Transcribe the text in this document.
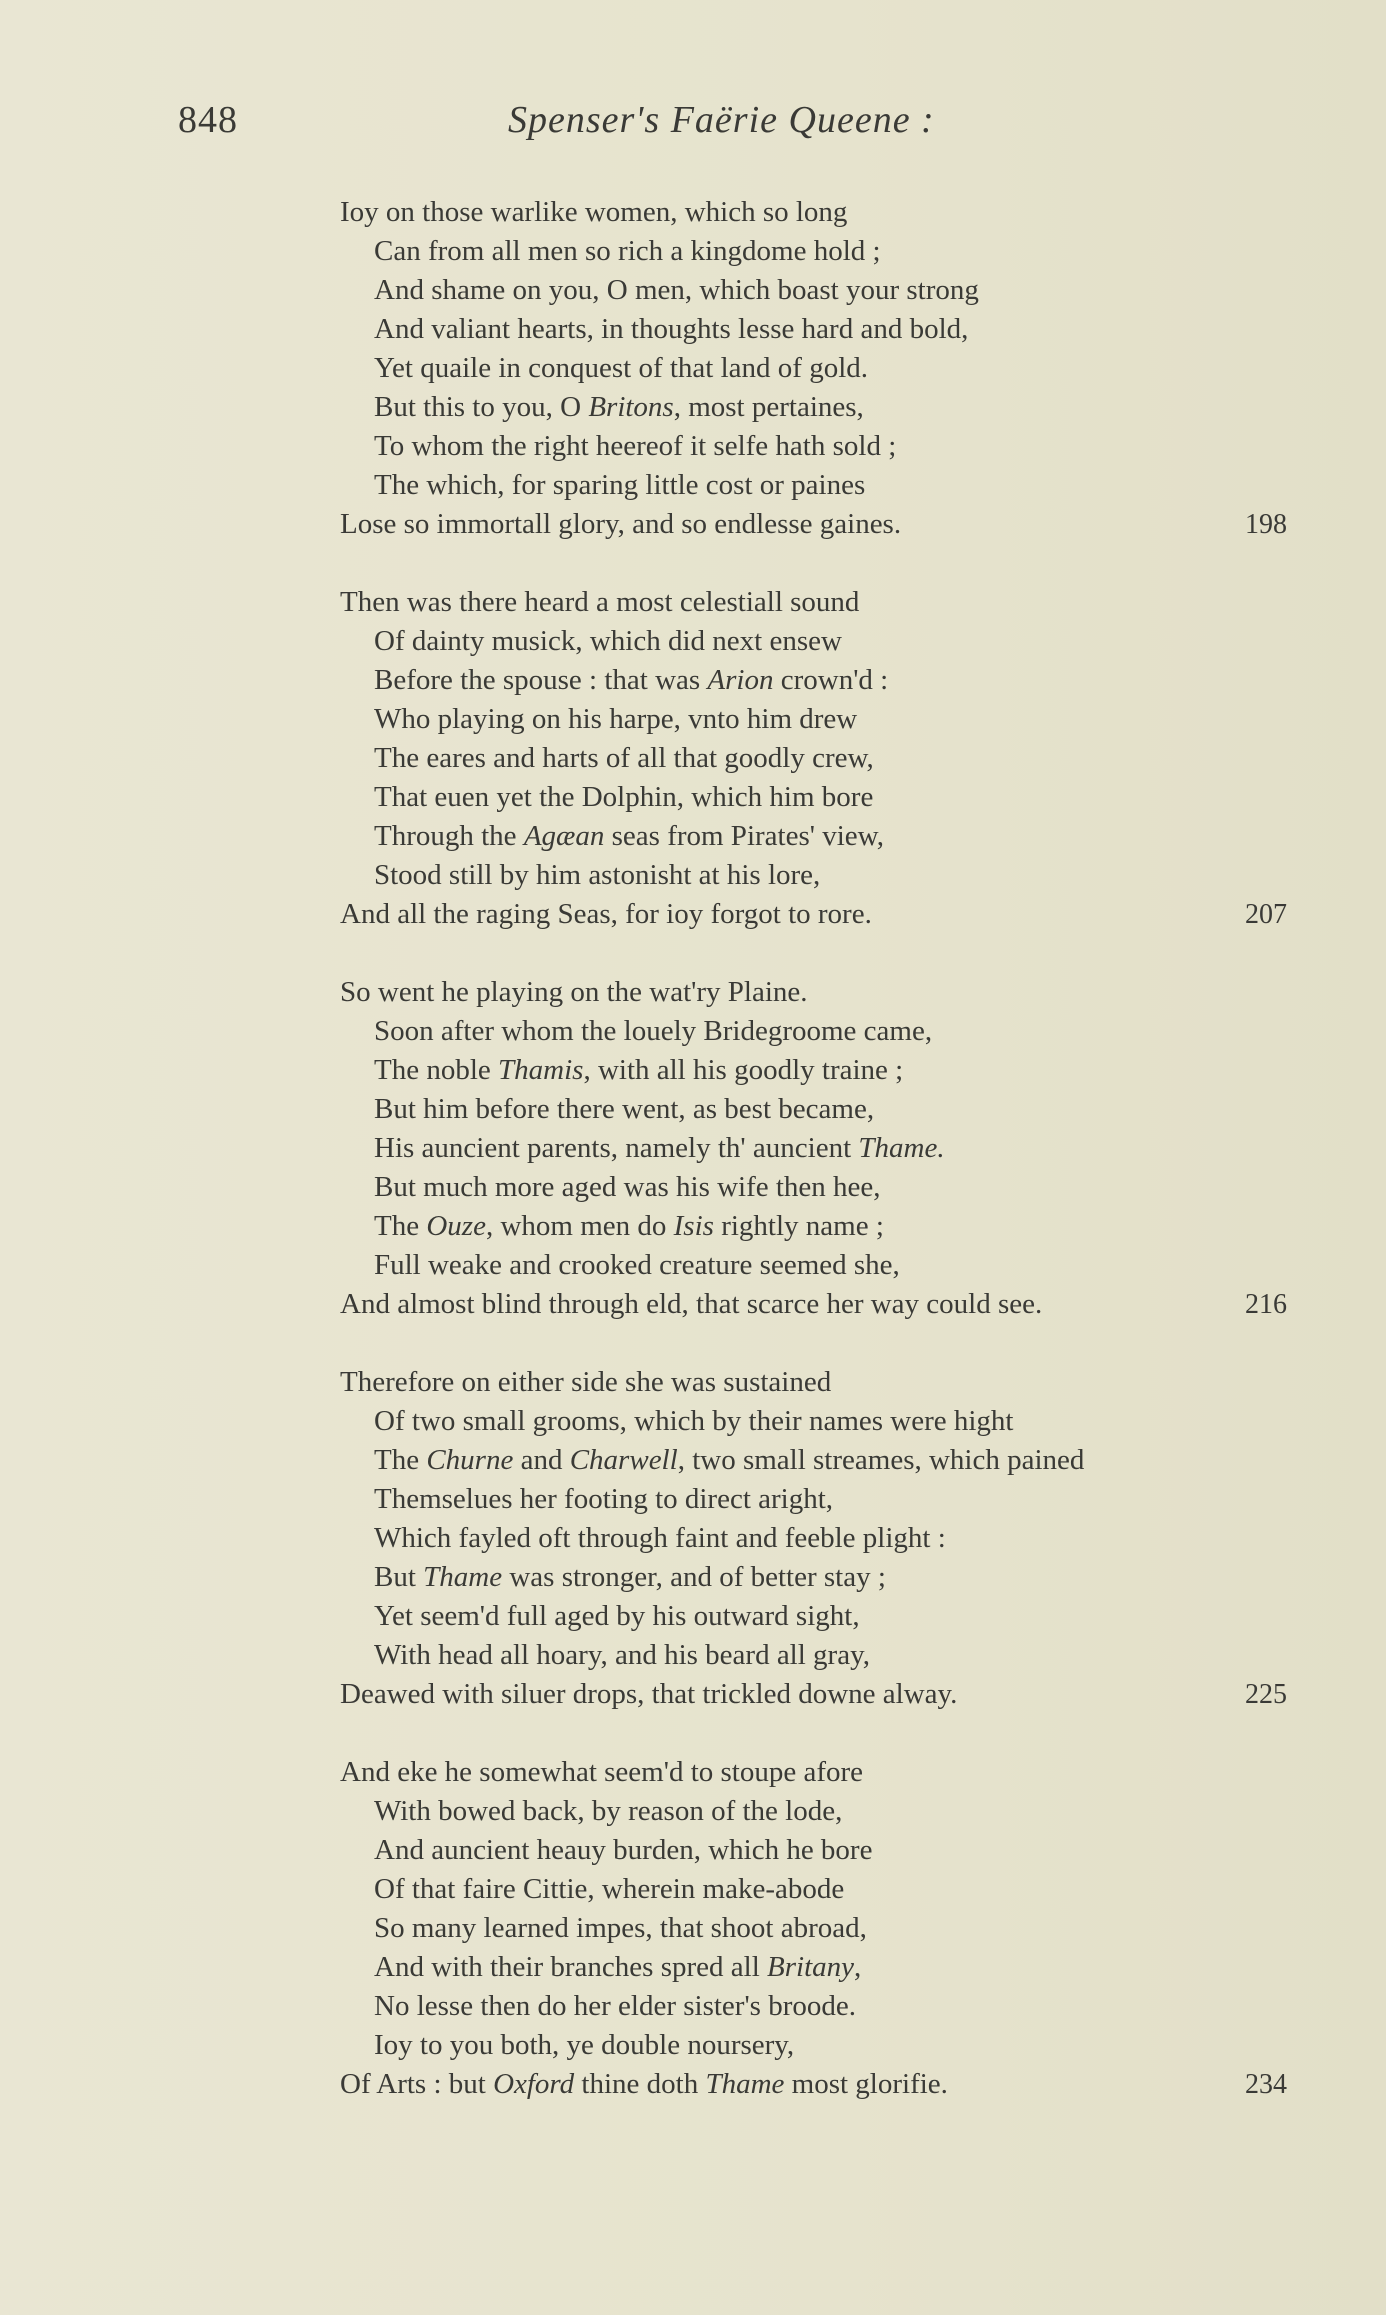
848	Spenser's Faërie Queene :
Ioy on those warlike women, which so long
Can from all men so rich a kingdome hold ;
And shame on you, O men, which boast your strong
And valiant hearts, in thoughts lesse hard and bold,
Yet quaile in conquest of that land of gold.
But this to you, O Britons, most pertaines,
To whom the right heereof it selfe hath sold ;
The which, for sparing little cost or paines
Lose so immortall glory, and so endlesse gaines.	198
Then was there heard a most celestiall sound
Of dainty musick, which did next ensew
Before the spouse : that was Arion crown'd :
Who playing on his harpe, vnto him drew
The eares and harts of all that goodly crew,
That euen yet the Dolphin, which him bore
Through the Agæan seas from Pirates' view,
Stood still by him astonisht at his lore,
And all the raging Seas, for ioy forgot to rore.	207
So went he playing on the wat'ry Plaine.
Soon after whom the louely Bridegroome came,
The noble Thamis, with all his goodly traine ;
But him before there went, as best became,
His auncient parents, namely th' auncient Thame.
But much more aged was his wife then hee,
The Ouze, whom men do Isis rightly name ;
Full weake and crooked creature seemed she,
And almost blind through eld, that scarce her way could see.	216
Therefore on either side she was sustained
Of two small grooms, which by their names were hight
The Churne and Charwell, two small streames, which pained
Themselues her footing to direct aright,
Which fayled oft through faint and feeble plight :
But Thame was stronger, and of better stay ;
Yet seem'd full aged by his outward sight,
With head all hoary, and his beard all gray,
Deawed with siluer drops, that trickled downe alway.	225
And eke he somewhat seem'd to stoupe afore
With bowed back, by reason of the lode,
And auncient heauy burden, which he bore
Of that faire Cittie, wherein make-abode
So many learned impes, that shoot abroad,
And with their branches spred all Britany,
No lesse then do her elder sister's broode.
Ioy to you both, ye double noursery,
Of Arts : but Oxford thine doth Thame most glorifie.	234
